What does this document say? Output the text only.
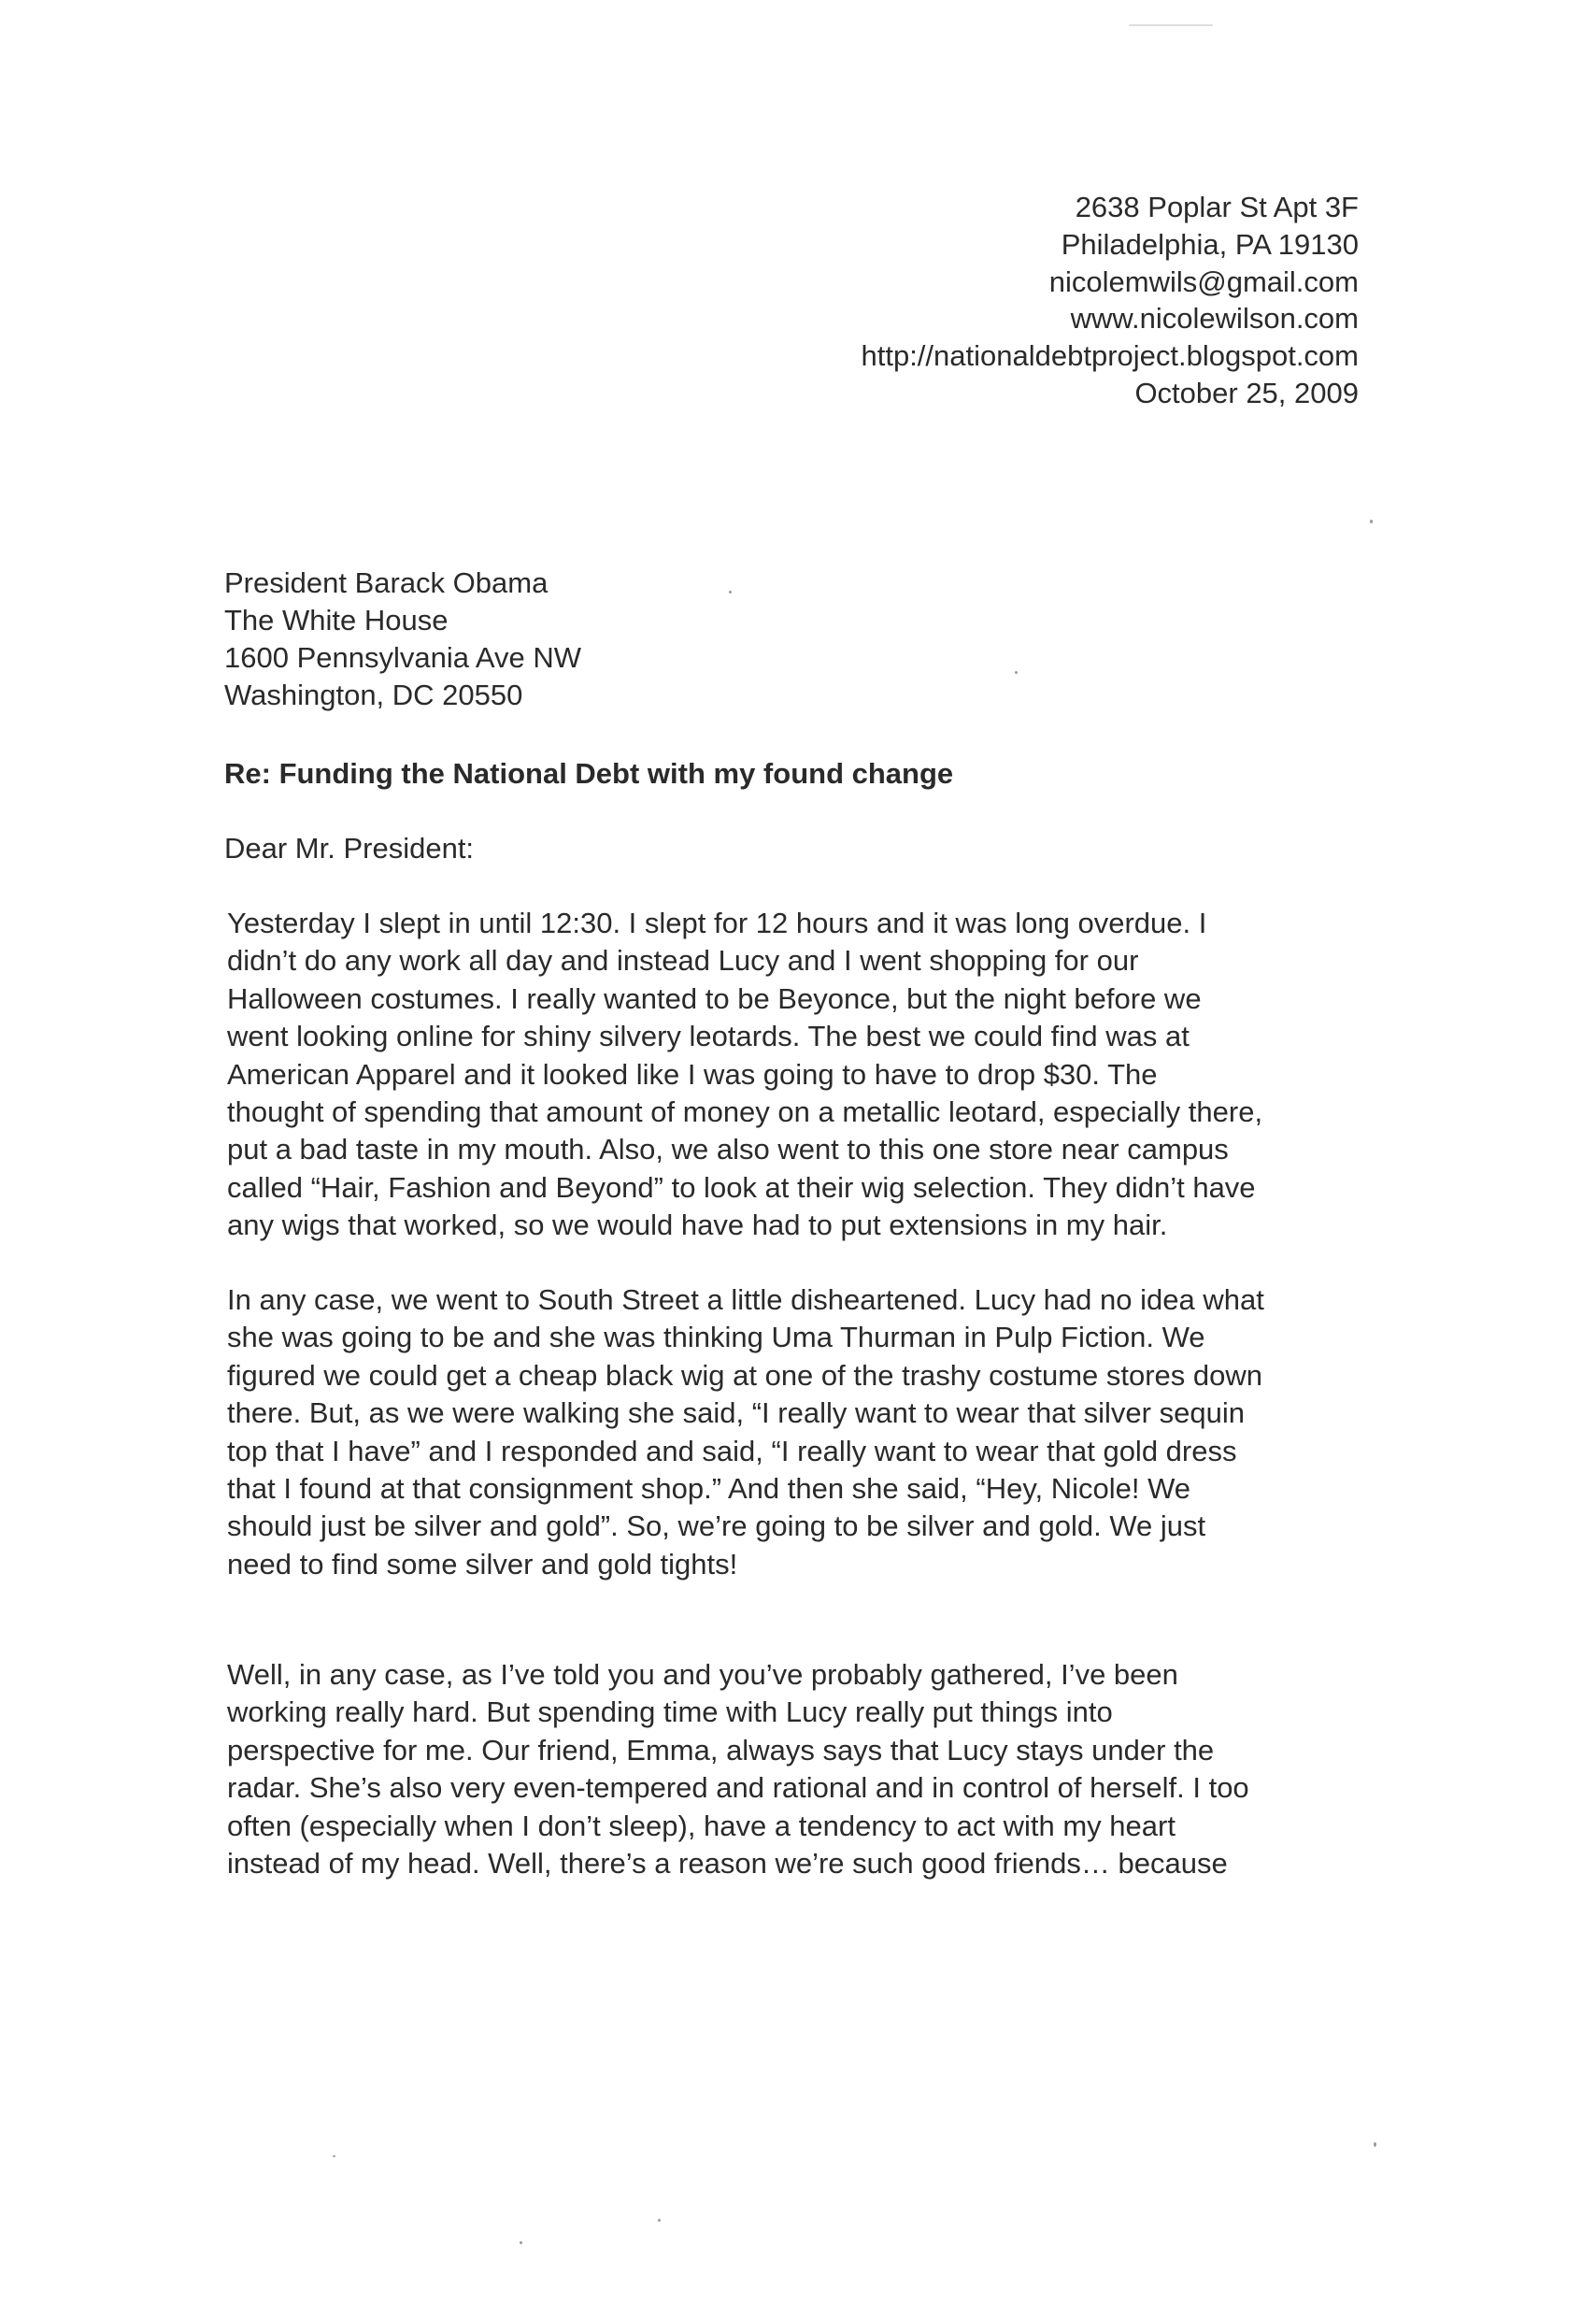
2638 Poplar St Apt 3F
Philadelphia, PA 19130
nicolemwils@gmail.com
www.nicolewilson.com
http://nationaldebtproject.blogspot.com
October 25, 2009
President Barack Obama
The White House
1600 Pennsylvania Ave NW
Washington, DC 20550
Re: Funding the National Debt with my found change
Dear Mr. President:
Yesterday I slept in until 12:30. I slept for 12 hours and it was long overdue. I
didn’t do any work all day and instead Lucy and I went shopping for our
Halloween costumes. I really wanted to be Beyonce, but the night before we
went looking online for shiny silvery leotards. The best we could find was at
American Apparel and it looked like I was going to have to drop $30. The
thought of spending that amount of money on a metallic leotard, especially there,
put a bad taste in my mouth. Also, we also went to this one store near campus
called “Hair, Fashion and Beyond” to look at their wig selection. They didn’t have
any wigs that worked, so we would have had to put extensions in my hair.
In any case, we went to South Street a little disheartened. Lucy had no idea what
she was going to be and she was thinking Uma Thurman in Pulp Fiction. We
figured we could get a cheap black wig at one of the trashy costume stores down
there. But, as we were walking she said, “I really want to wear that silver sequin
top that I have” and I responded and said, “I really want to wear that gold dress
that I found at that consignment shop.” And then she said, “Hey, Nicole! We
should just be silver and gold”. So, we’re going to be silver and gold. We just
need to find some silver and gold tights!
Well, in any case, as I’ve told you and you’ve probably gathered, I’ve been
working really hard. But spending time with Lucy really put things into
perspective for me. Our friend, Emma, always says that Lucy stays under the
radar. She’s also very even-tempered and rational and in control of herself. I too
often (especially when I don’t sleep), have a tendency to act with my heart
instead of my head. Well, there’s a reason we’re such good friends… because
